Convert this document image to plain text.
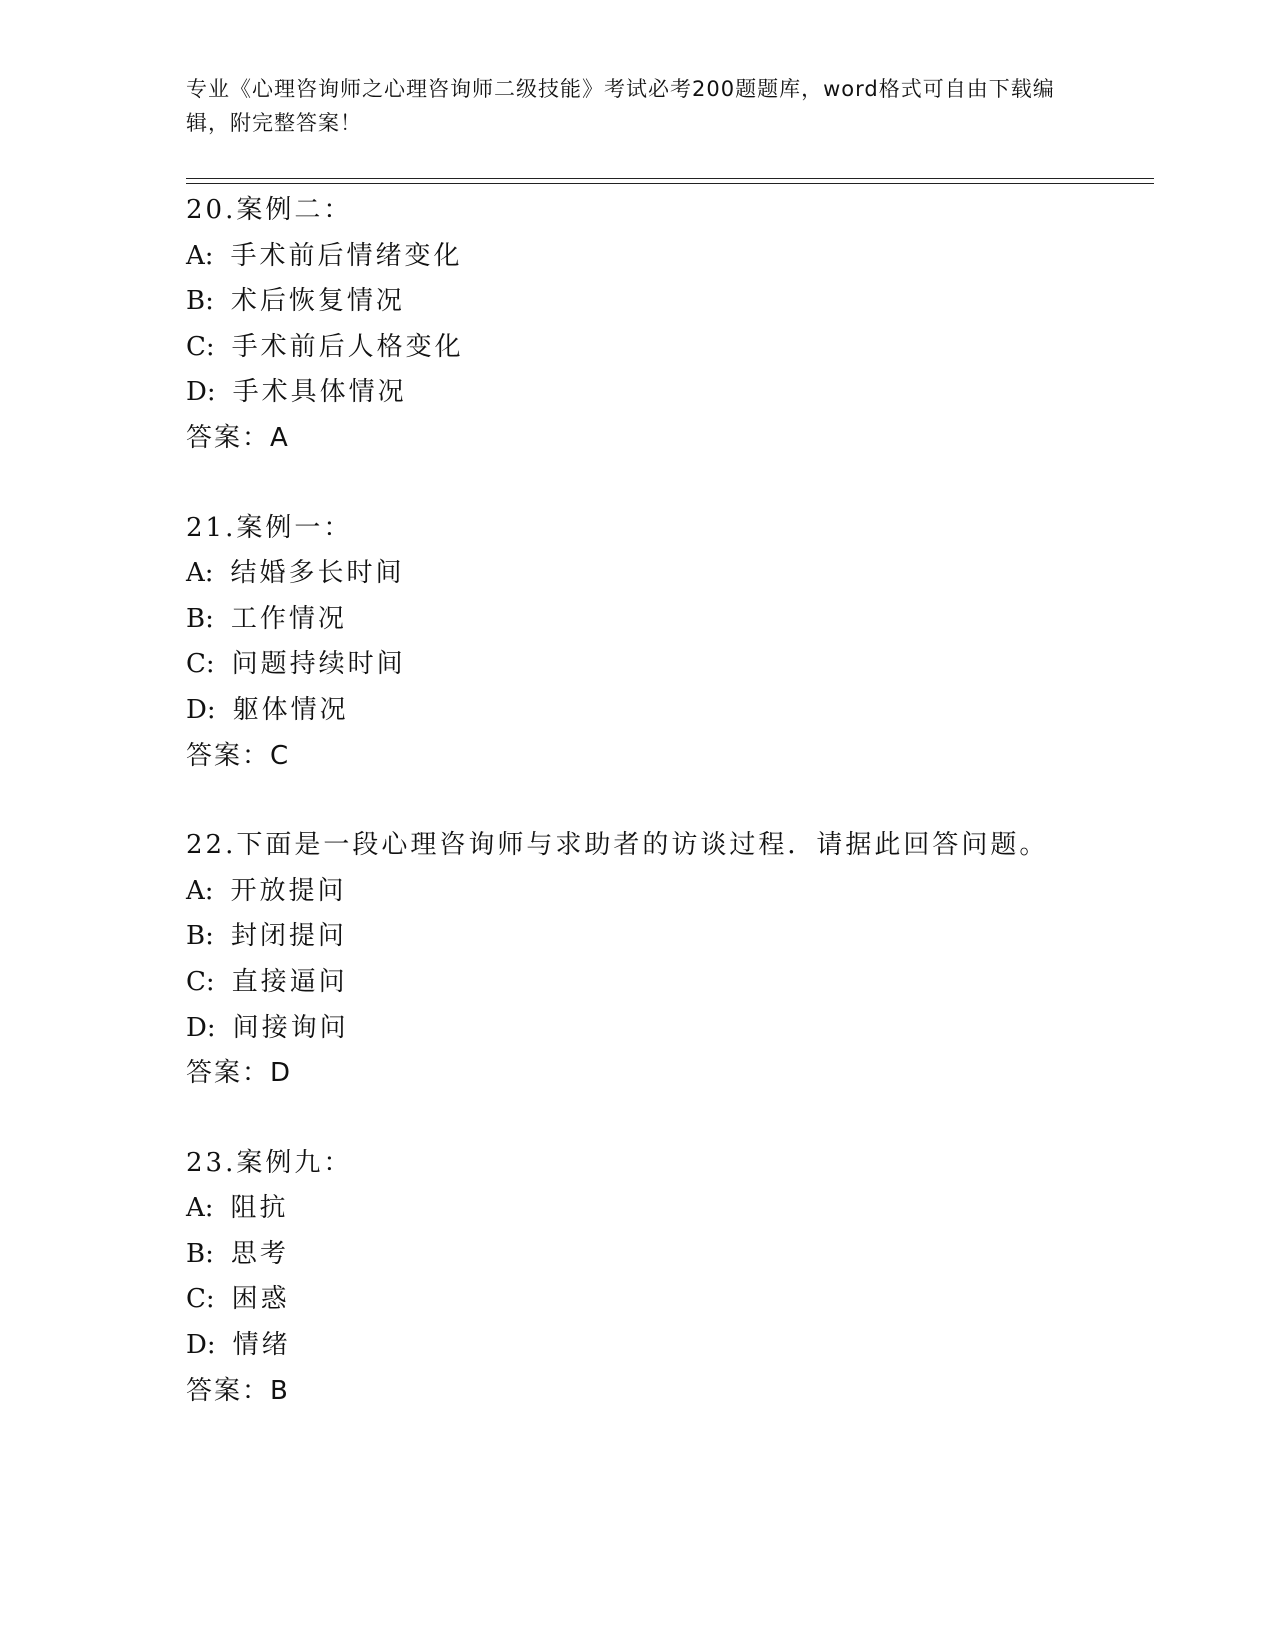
专业《心理咨询师之心理咨询师二级技能》考试必考200题题库，word格式可自由下载编辑，附完整答案！
20.案例二：
A: 手术前后情绪变化
B: 术后恢复情况
C: 手术前后人格变化
D: 手术具体情况
答案：A
21.案例一：
A: 结婚多长时间
B: 工作情况
C: 问题持续时间
D: 躯体情况
答案：C
22.下面是一段心理咨询师与求助者的访谈过程．请据此回答问题。
A: 开放提问
B: 封闭提问
C: 直接逼问
D: 间接询问
答案：D
23.案例九：
A: 阻抗
B: 思考
C: 困惑
D: 情绪
答案：B
